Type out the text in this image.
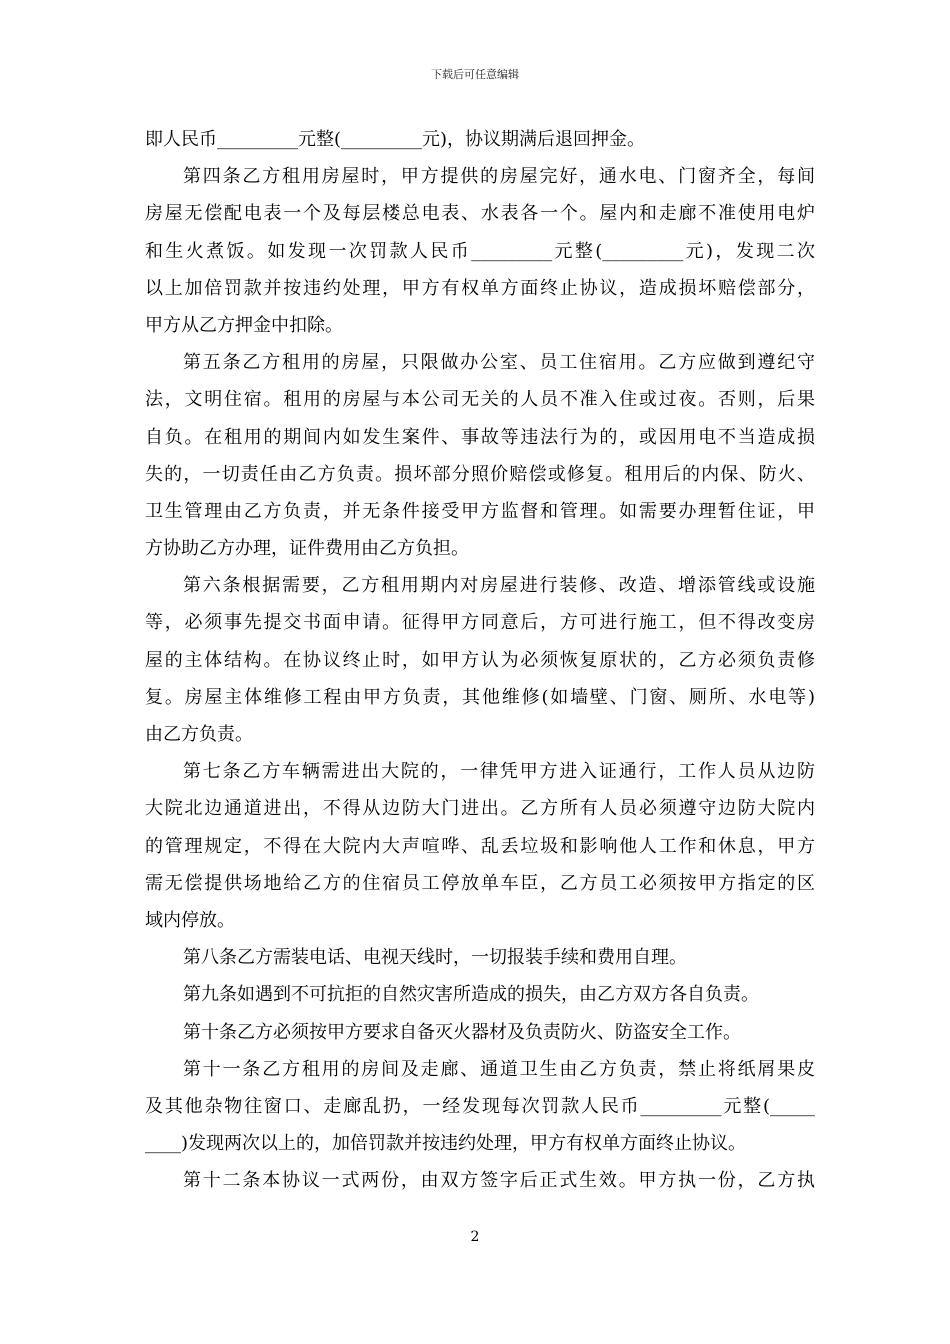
下载后可任意编辑
即人民币_________元整(_________元)，协议期满后退回押金。
第四条乙方租用房屋时，甲方提供的房屋完好，通水电、门窗齐全，每间
房屋无偿配电表一个及每层楼总电表、水表各一个。屋内和走廊不准使用电炉
和生火煮饭。如发现一次罚款人民币_________元整(_________元)，发现二次
以上加倍罚款并按违约处理，甲方有权单方面终止协议，造成损坏赔偿部分，
甲方从乙方押金中扣除。
第五条乙方租用的房屋，只限做办公室、员工住宿用。乙方应做到遵纪守
法，文明住宿。租用的房屋与本公司无关的人员不准入住或过夜。否则，后果
自负。在租用的期间内如发生案件、事故等违法行为的，或因用电不当造成损
失的，一切责任由乙方负责。损坏部分照价赔偿或修复。租用后的内保、防火、
卫生管理由乙方负责，并无条件接受甲方监督和管理。如需要办理暂住证，甲
方协助乙方办理，证件费用由乙方负担。
第六条根据需要，乙方租用期内对房屋进行装修、改造、增添管线或设施
等，必须事先提交书面申请。征得甲方同意后，方可进行施工，但不得改变房
屋的主体结构。在协议终止时，如甲方认为必须恢复原状的，乙方必须负责修
复。房屋主体维修工程由甲方负责，其他维修(如墙壁、门窗、厕所、水电等)
由乙方负责。
第七条乙方车辆需进出大院的，一律凭甲方进入证通行，工作人员从边防
大院北边通道进出，不得从边防大门进出。乙方所有人员必须遵守边防大院内
的管理规定，不得在大院内大声喧哗、乱丢垃圾和影响他人工作和休息，甲方
需无偿提供场地给乙方的住宿员工停放单车臣，乙方员工必须按甲方指定的区
域内停放。
第八条乙方需装电话、电视天线时，一切报装手续和费用自理。
第九条如遇到不可抗拒的自然灾害所造成的损失，由乙方双方各自负责。
第十条乙方必须按甲方要求自备灭火器材及负责防火、防盗安全工作。
第十一条乙方租用的房间及走廊、通道卫生由乙方负责，禁止将纸屑果皮
及其他杂物往窗口、走廊乱扔，一经发现每次罚款人民币_________元整(_____
____)发现两次以上的，加倍罚款并按违约处理，甲方有权单方面终止协议。
第十二条本协议一式两份，由双方签字后正式生效。甲方执一份，乙方执
2
